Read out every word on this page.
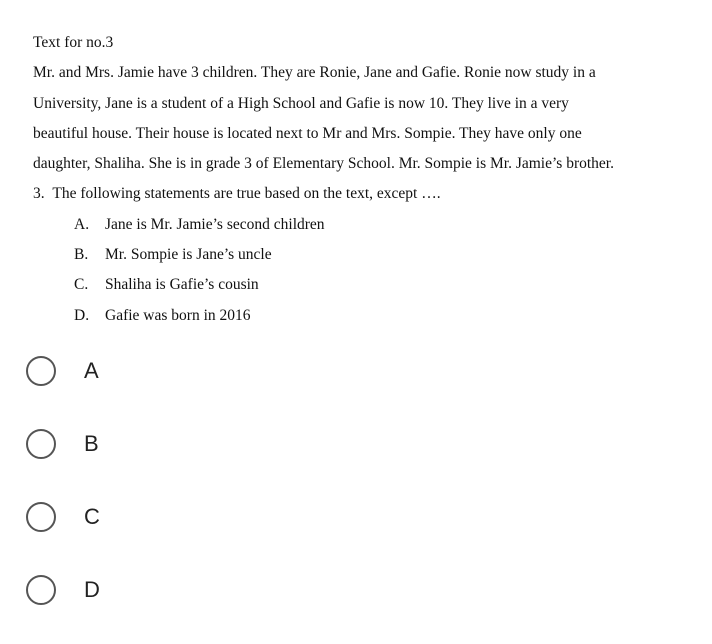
Text for no.3
Mr. and Mrs. Jamie have 3 children. They are Ronie, Jane and Gafie. Ronie now study in a
University, Jane is a student of a High School and Gafie is now 10. They live in a very
beautiful house. Their house is located next to Mr and Mrs. Sompie. They have only one
daughter, Shaliha. She is in grade 3 of Elementary School. Mr. Sompie is Mr. Jamie’s brother.
3. The following statements are true based on the text, except ….
A. Jane is Mr. Jamie’s second children
B. Mr. Sompie is Jane’s uncle
C. Shaliha is Gafie’s cousin
D. Gafie was born in 2016
A
B
C
D
